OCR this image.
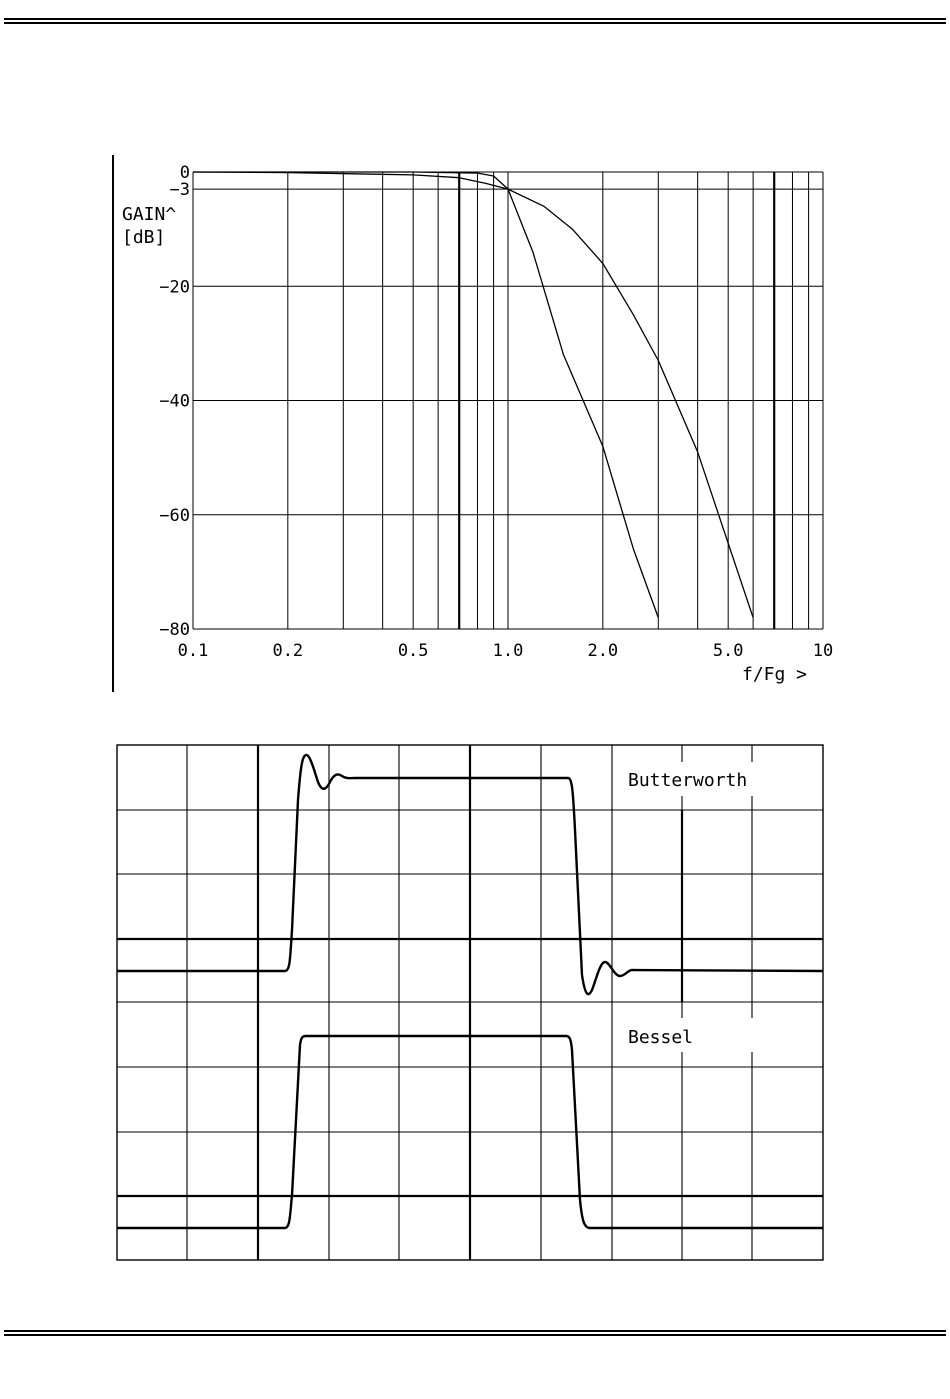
0.1	0.2	0.5	1.0	2.0	5.0	10
0
−3
−20
−40
−60
−80
GAIN^
[dB]
f/Fg >
Butterworth
Bessel
